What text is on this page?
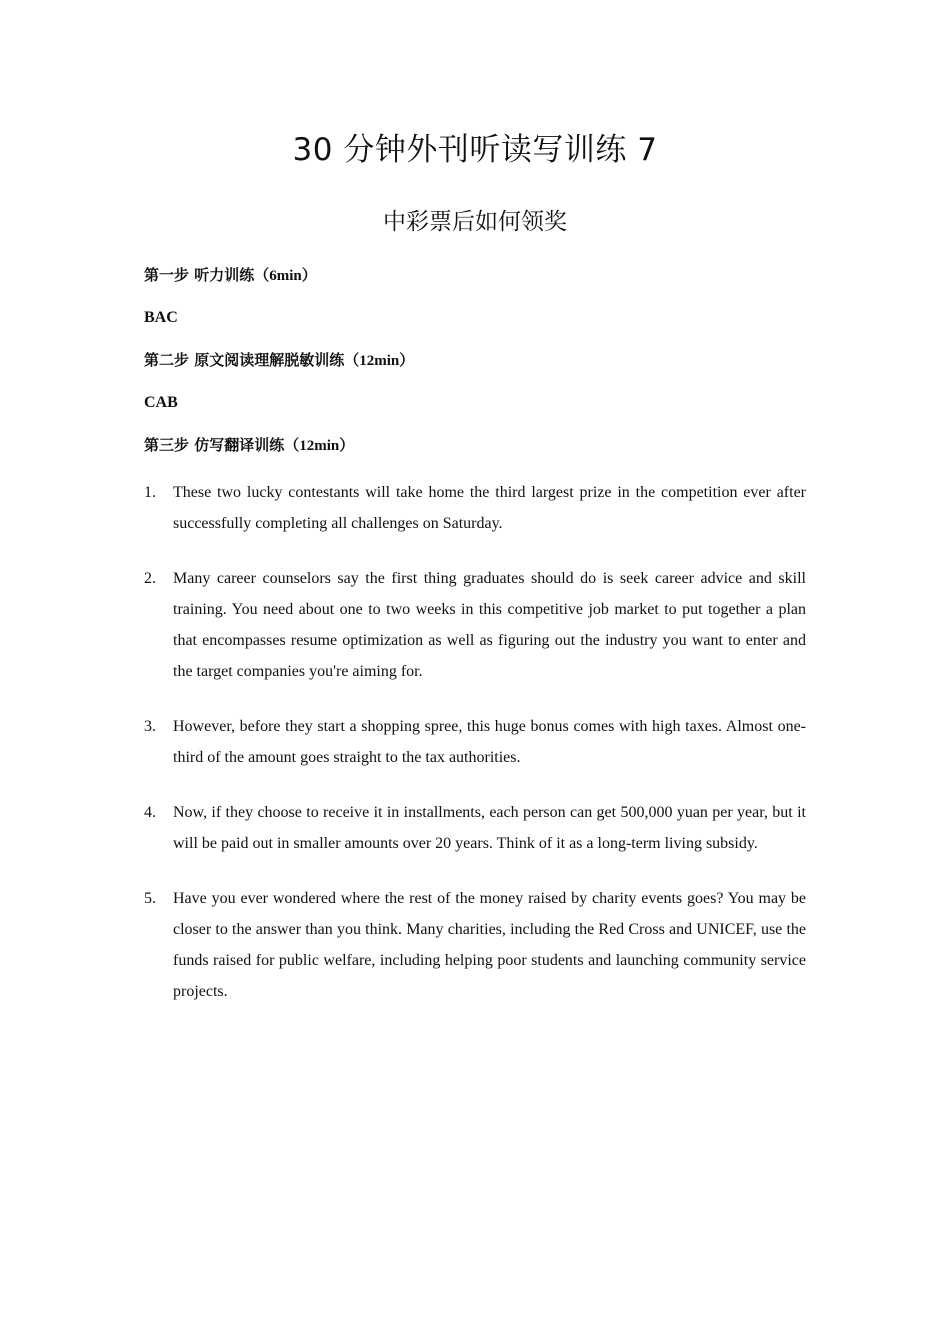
30 分钟外刊听读写训练 7
中彩票后如何领奖
第一步 听力训练（6min）
BAC
第二步 原文阅读理解脱敏训练（12min）
CAB
第三步 仿写翻译训练（12min）
1. These two lucky contestants will take home the third largest prize in the competition ever after successfully completing all challenges on Saturday.
2. Many career counselors say the first thing graduates should do is seek career advice and skill training. You need about one to two weeks in this competitive job market to put together a plan that encompasses resume optimization as well as figuring out the industry you want to enter and the target companies you're aiming for.
3. However, before they start a shopping spree, this huge bonus comes with high taxes. Almost one-third of the amount goes straight to the tax authorities.
4. Now, if they choose to receive it in installments, each person can get 500,000 yuan per year, but it will be paid out in smaller amounts over 20 years. Think of it as a long-term living subsidy.
5. Have you ever wondered where the rest of the money raised by charity events goes? You may be closer to the answer than you think. Many charities, including the Red Cross and UNICEF, use the funds raised for public welfare, including helping poor students and launching community service projects.
